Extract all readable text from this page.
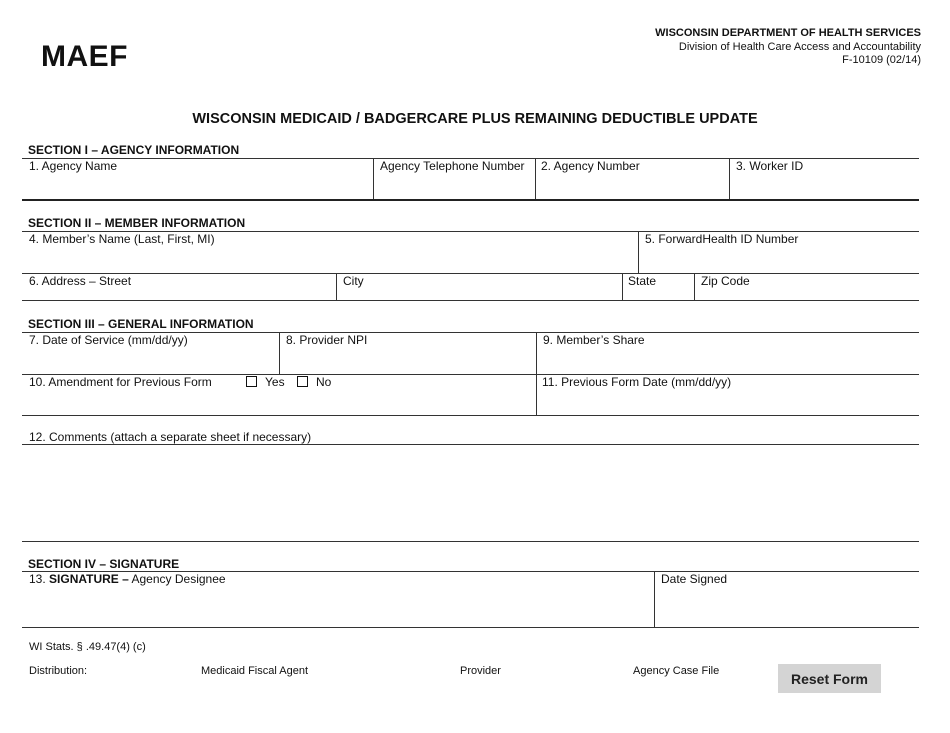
MAEF
WISCONSIN DEPARTMENT OF HEALTH SERVICES
Division of Health Care Access and Accountability
F-10109 (02/14)
WISCONSIN MEDICAID / BADGERCARE PLUS REMAINING DEDUCTIBLE UPDATE
SECTION I – AGENCY INFORMATION
1. Agency Name	Agency Telephone Number 2. Agency Number	3. Worker ID
SECTION II – MEMBER INFORMATION
4. Member’s Name (Last, First, MI)	5. ForwardHealth ID Number
6. Address – Street	City	State	Zip Code
SECTION III – GENERAL INFORMATION
7. Date of Service (mm/dd/yy)	8. Provider NPI	9. Member’s Share
10. Amendment for Previous Form	Yes	No	11. Previous Form Date (mm/dd/yy)
12. Comments (attach a separate sheet if necessary)
SECTION IV – SIGNATURE
13. SIGNATURE – Agency Designee	Date Signed
WI Stats. § .49.47(4) (c)
Distribution:	Medicaid Fiscal Agent	Provider	Agency Case File	Reset Form
